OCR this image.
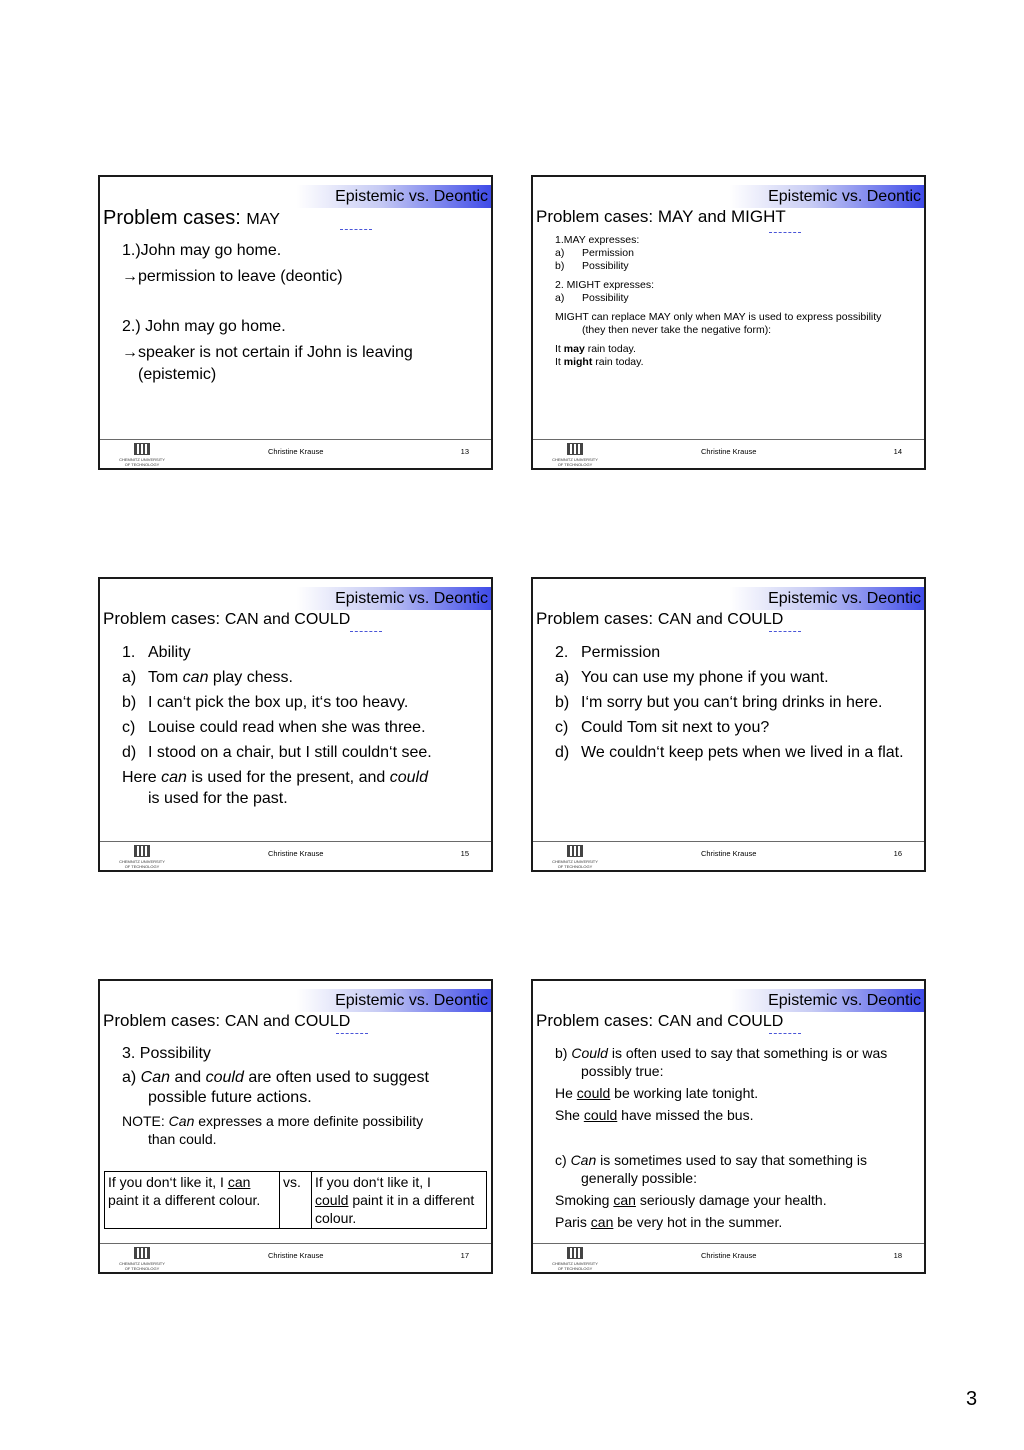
Epistemic vs. Deontic
Problem cases: MAY
1.)John may go home.
→permission to leave (deontic)
2.) John may go home.
→speaker is not certain if John is leaving
(epistemic)
CHEMNITZ UNIVERSITY
OF TECHNOLOGY
Christine Krause	13
Epistemic vs. Deontic
Problem cases: MAY and MIGHT
1.MAY expresses:
a) Permission
b) Possibility
2. MIGHT expresses:
a) Possibility
MIGHT can replace MAY only when MAY is used to express possibility
(they then never take the negative form):
It may rain today.
It might rain today.
CHEMNITZ UNIVERSITY
OF TECHNOLOGY
Christine Krause	14
Epistemic vs. Deontic
Problem cases: CAN and COULD
1. Ability
a) Tom can play chess.
b) I can‘t pick the box up, it‘s too heavy.
c) Louise could read when she was three.
d) I stood on a chair, but I still couldn‘t see.
Here can is used for the present, and could
is used for the past.
CHEMNITZ UNIVERSITY
OF TECHNOLOGY
Christine Krause	15
Epistemic vs. Deontic
Problem cases: CAN and COULD
2. Permission
a) You can use my phone if you want.
b) I‘m sorry but you can‘t bring drinks in here.
c) Could Tom sit next to you?
d) We couldn‘t keep pets when we lived in a flat.
CHEMNITZ UNIVERSITY
OF TECHNOLOGY
Christine Krause	16
Epistemic vs. Deontic
Problem cases: CAN and COULD
3. Possibility
a) Can and could are often used to suggest
possible future actions.
NOTE: Can expresses a more definite possibility
than could.
If you don‘t like it, I can
paint it a different colour.	vs.	If you don‘t like it, I
could paint it in a different colour.
CHEMNITZ UNIVERSITY
OF TECHNOLOGY
Christine Krause	17
Epistemic vs. Deontic
Problem cases: CAN and COULD
b) Could is often used to say that something is or was possibly true:
He could be working late tonight.
She could have missed the bus.
c) Can is sometimes used to say that something is generally possible:
Smoking can seriously damage your health.
Paris can be very hot in the summer.
CHEMNITZ UNIVERSITY
OF TECHNOLOGY
Christine Krause	18
3
